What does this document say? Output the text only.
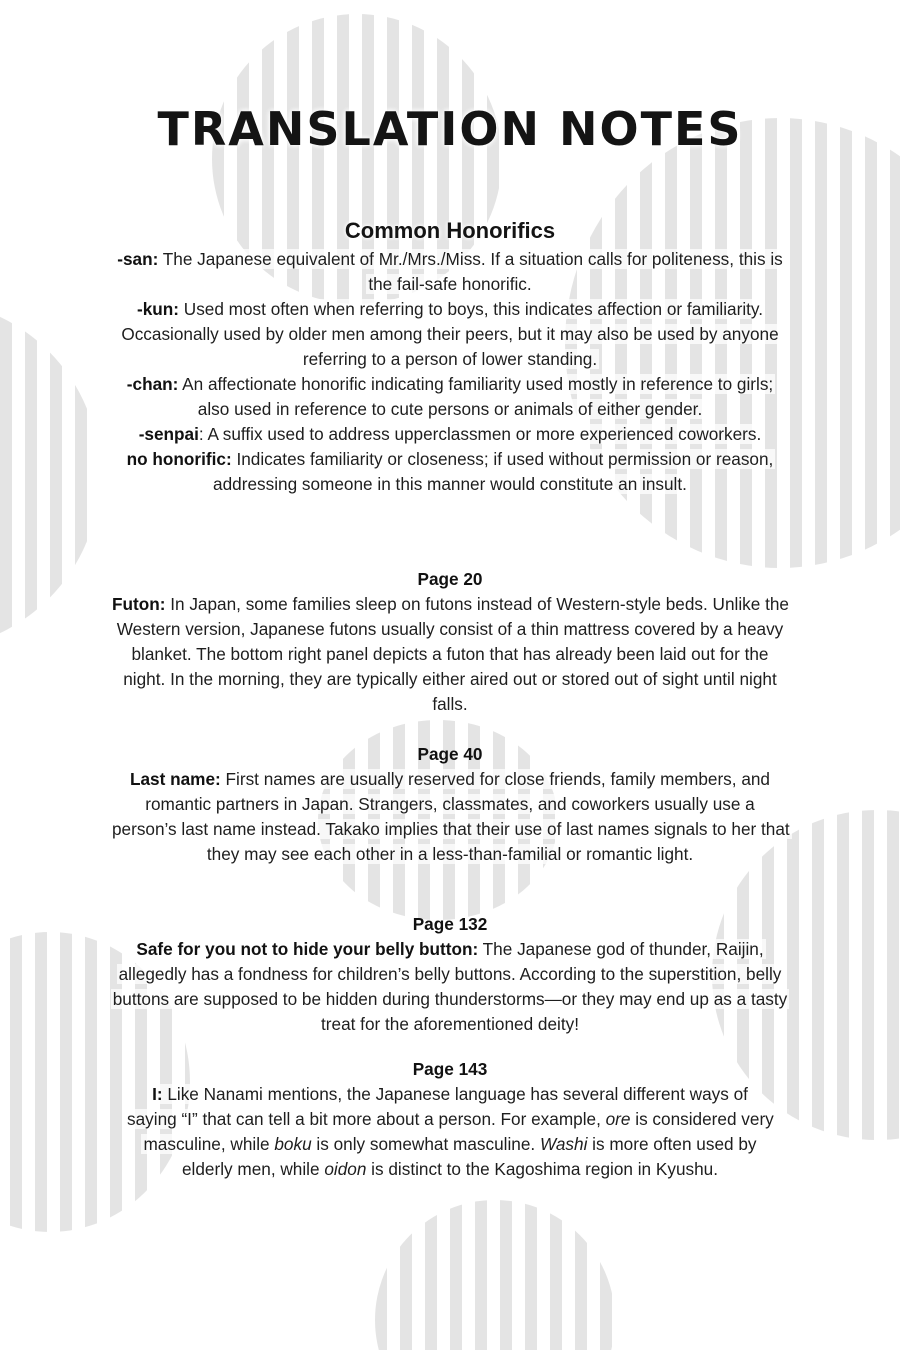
TRANSLATION NOTES
Common Honorifics

-san: The Japanese equivalent of Mr./Mrs./Miss. If a situation calls for politeness, this is the fail-safe honorific.

-kun: Used most often when referring to boys, this indicates affection or familiarity. Occasionally used by older men among their peers, but it may also be used by anyone referring to a person of lower standing.

-chan: An affectionate honorific indicating familiarity used mostly in reference to girls; also used in reference to cute persons or animals of either gender.

-senpai: A suffix used to address upperclassmen or more experienced coworkers.

no honorific: Indicates familiarity or closeness; if used without permission or reason, addressing someone in this manner would constitute an insult.

Page 20

Futon: In Japan, some families sleep on futons instead of Western-style beds. Unlike the Western version, Japanese futons usually consist of a thin mattress covered by a heavy blanket. The bottom right panel depicts a futon that has already been laid out for the night. In the morning, they are typically either aired out or stored out of sight until night falls.

Page 40

Last name: First names are usually reserved for close friends, family members, and romantic partners in Japan. Strangers, classmates, and coworkers usually use a person’s last name instead. Takako implies that their use of last names signals to her that they may see each other in a less-than-familial or romantic light.

Page 132

Safe for you not to hide your belly button: The Japanese god of thunder, Raijin, allegedly has a fondness for children’s belly buttons. According to the superstition, belly buttons are supposed to be hidden during thunderstorms—or they may end up as a tasty treat for the aforementioned deity!

Page 143

I: Like Nanami mentions, the Japanese language has several different ways of saying “I” that can tell a bit more about a person. For example, ore is considered very masculine, while boku is only somewhat masculine. Washi is more often used by elderly men, while oidon is distinct to the Kagoshima region in Kyushu.
